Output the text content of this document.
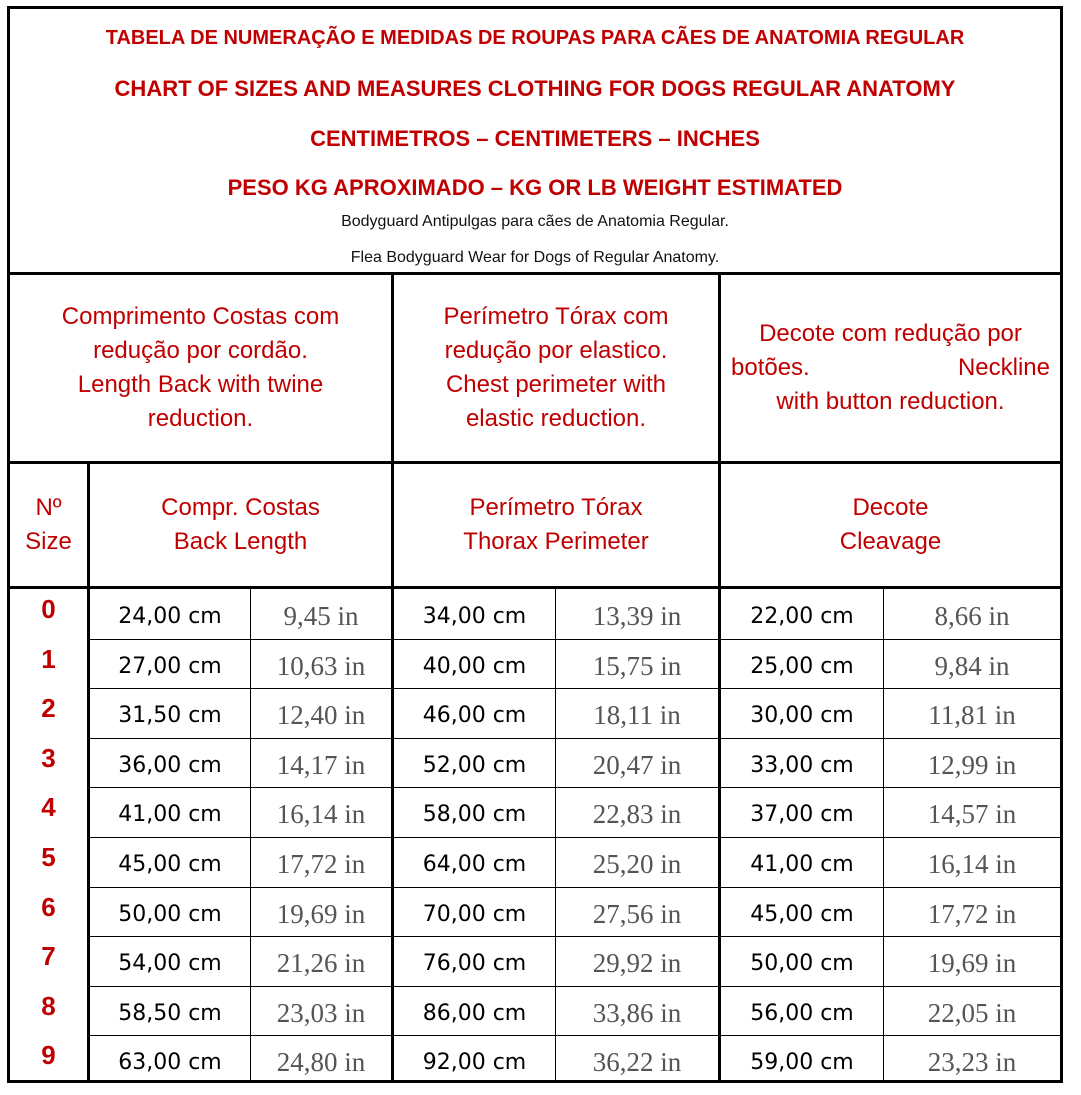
TABELA DE NUMERAÇÃO E MEDIDAS DE ROUPAS PARA CÃES DE ANATOMIA REGULAR
CHART OF SIZES AND MEASURES CLOTHING FOR DOGS REGULAR ANATOMY
CENTIMETROS – CENTIMETERS – INCHES
PESO KG APROXIMADO – KG OR LB WEIGHT ESTIMATED
Bodyguard Antipulgas para cães de Anatomia Regular.
Flea Bodyguard Wear for Dogs of Regular Anatomy.
Comprimento Costas com
redução por cordão.
Length Back with twine
reduction.
Perímetro Tórax com
redução por elastico.
Chest perimeter with
elastic reduction.
Decote com redução por
botões.	Neckline
with button reduction.
Nº
Size
Compr. Costas
Back Length
Perímetro Tórax
Thorax Perimeter
Decote
Cleavage
0	24,00 cm	9,45 in	34,00 cm	13,39 in	22,00 cm	8,66 in
1	27,00 cm	10,63 in	40,00 cm	15,75 in	25,00 cm	9,84 in
2	31,50 cm	12,40 in	46,00 cm	18,11 in	30,00 cm	11,81 in
3	36,00 cm	14,17 in	52,00 cm	20,47 in	33,00 cm	12,99 in
4	41,00 cm	16,14 in	58,00 cm	22,83 in	37,00 cm	14,57 in
5	45,00 cm	17,72 in	64,00 cm	25,20 in	41,00 cm	16,14 in
6	50,00 cm	19,69 in	70,00 cm	27,56 in	45,00 cm	17,72 in
7	54,00 cm	21,26 in	76,00 cm	29,92 in	50,00 cm	19,69 in
8	58,50 cm	23,03 in	86,00 cm	33,86 in	56,00 cm	22,05 in
9	63,00 cm	24,80 in	92,00 cm	36,22 in	59,00 cm	23,23 in
